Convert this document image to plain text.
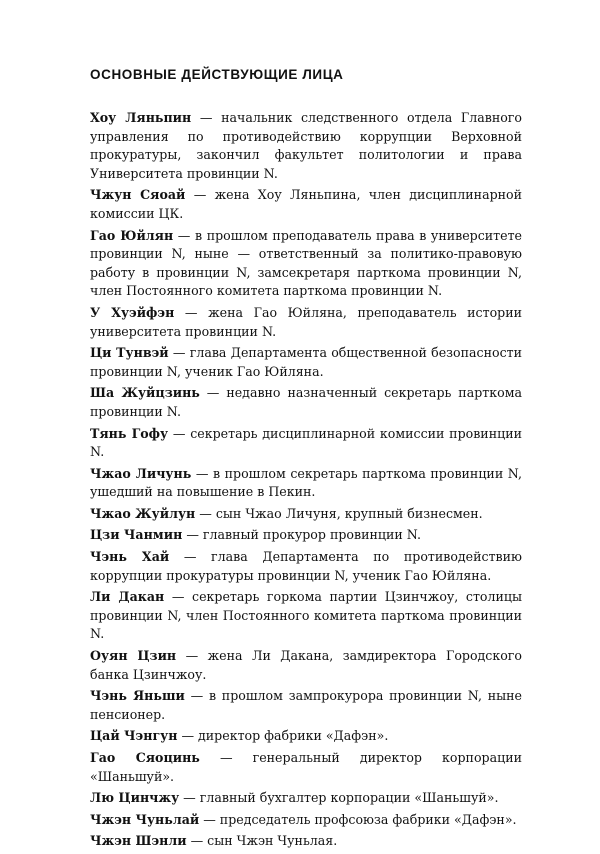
ОСНОВНЫЕ ДЕЙСТВУЮЩИЕ ЛИЦА

Хоу Ляньпин — начальник следственного отдела Главного управления по противодействию коррупции Верховной прокуратуры, закончил факультет политологии и права Университета провинции N.

Чжун Сяоай — жена Хоу Ляньпина, член дисциплинарной комиссии ЦК.

Гао Юйлян — в прошлом преподаватель права в университете провинции N, ныне — ответственный за политико-правовую работу в провинции N, замсекретаря парткома провинции N, член Постоянного комитета парткома провинции N.

У Хуэйфэн — жена Гао Юйляна, преподаватель истории университета провинции N.

Ци Тунвэй — глава Департамента общественной безопасности провинции N, ученик Гао Юйляна.

Ша Жуйцзинь — недавно назначенный секретарь парткома провинции N.

Тянь Гофу — секретарь дисциплинарной комиссии провинции N.

Чжао Личунь — в прошлом секретарь парткома провинции N, ушедший на повышение в Пекин.

Чжао Жуйлун — сын Чжао Личуня, крупный бизнесмен.

Цзи Чанмин — главный прокурор провинции N.

Чэнь Хай — глава Департамента по противодействию коррупции прокуратуры провинции N, ученик Гао Юйляна.

Ли Дакан — секретарь горкома партии Цзинчжоу, столицы провинции N, член Постоянного комитета парткома провинции N.

Оуян Цзин — жена Ли Дакана, замдиректора Городского банка Цзинчжоу.

Чэнь Яньши — в прошлом зампрокурора провинции N, ныне пенсионер.

Цай Чэнгун — директор фабрики «Дафэн».

Гао Сяоцинь — генеральный директор корпорации «Шаньшуй».

Лю Цинчжу — главный бухгалтер корпорации «Шаньшуй».

Чжэн Чуньлай — председатель профсоюза фабрики «Дафэн».

Чжэн Шэнли — сын Чжэн Чуньлая.
